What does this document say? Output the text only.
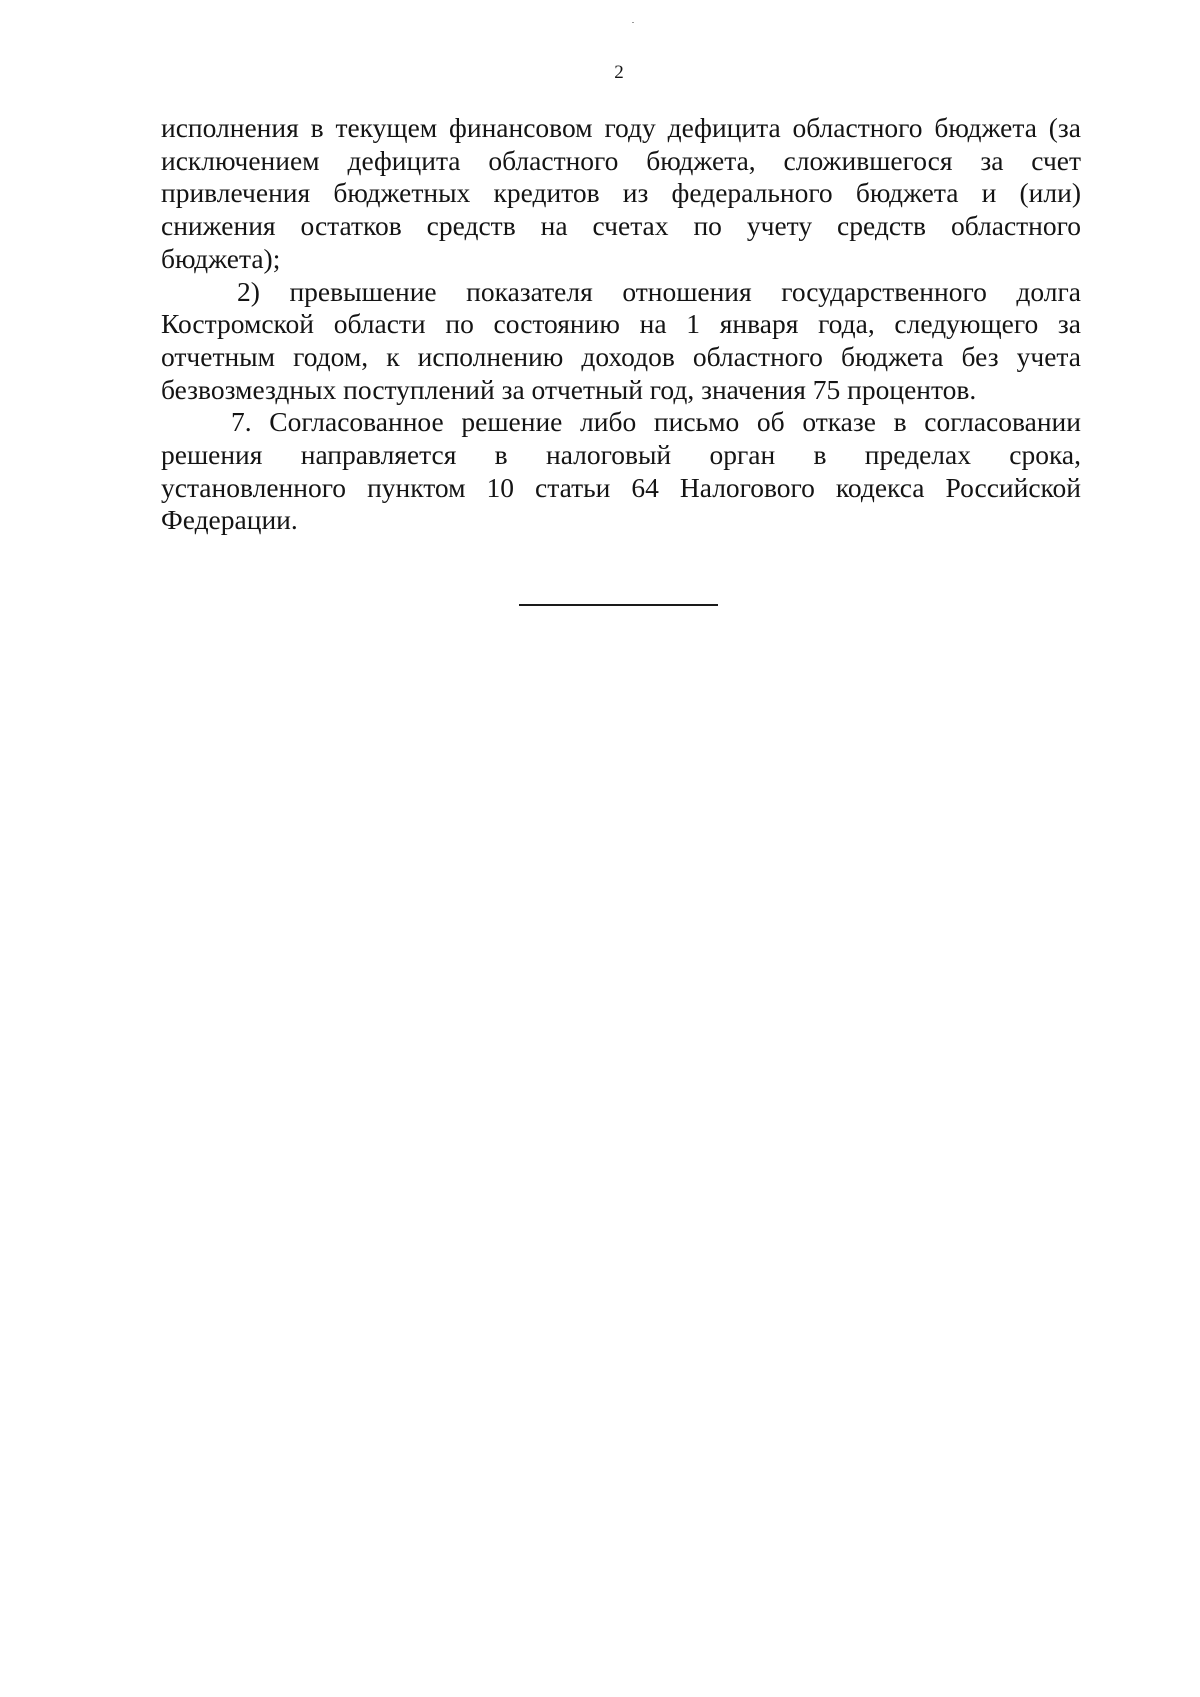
2
исполнения в текущем финансовом году дефицита областного бюджета (за
исключением дефицита областного бюджета, сложившегося за счет
привлечения бюджетных кредитов из федерального бюджета и (или)
снижения остатков средств на счетах по учету средств областного
бюджета);
2) превышение показателя отношения государственного долга
Костромской области по состоянию на 1 января года, следующего за
отчетным годом, к исполнению доходов областного бюджета без учета
безвозмездных поступлений за отчетный год, значения 75 процентов.
7. Согласованное решение либо письмо об отказе в согласовании
решения направляется в налоговый орган в пределах срока,
установленного пунктом 10 статьи 64 Налогового кодекса Российской
Федерации.
